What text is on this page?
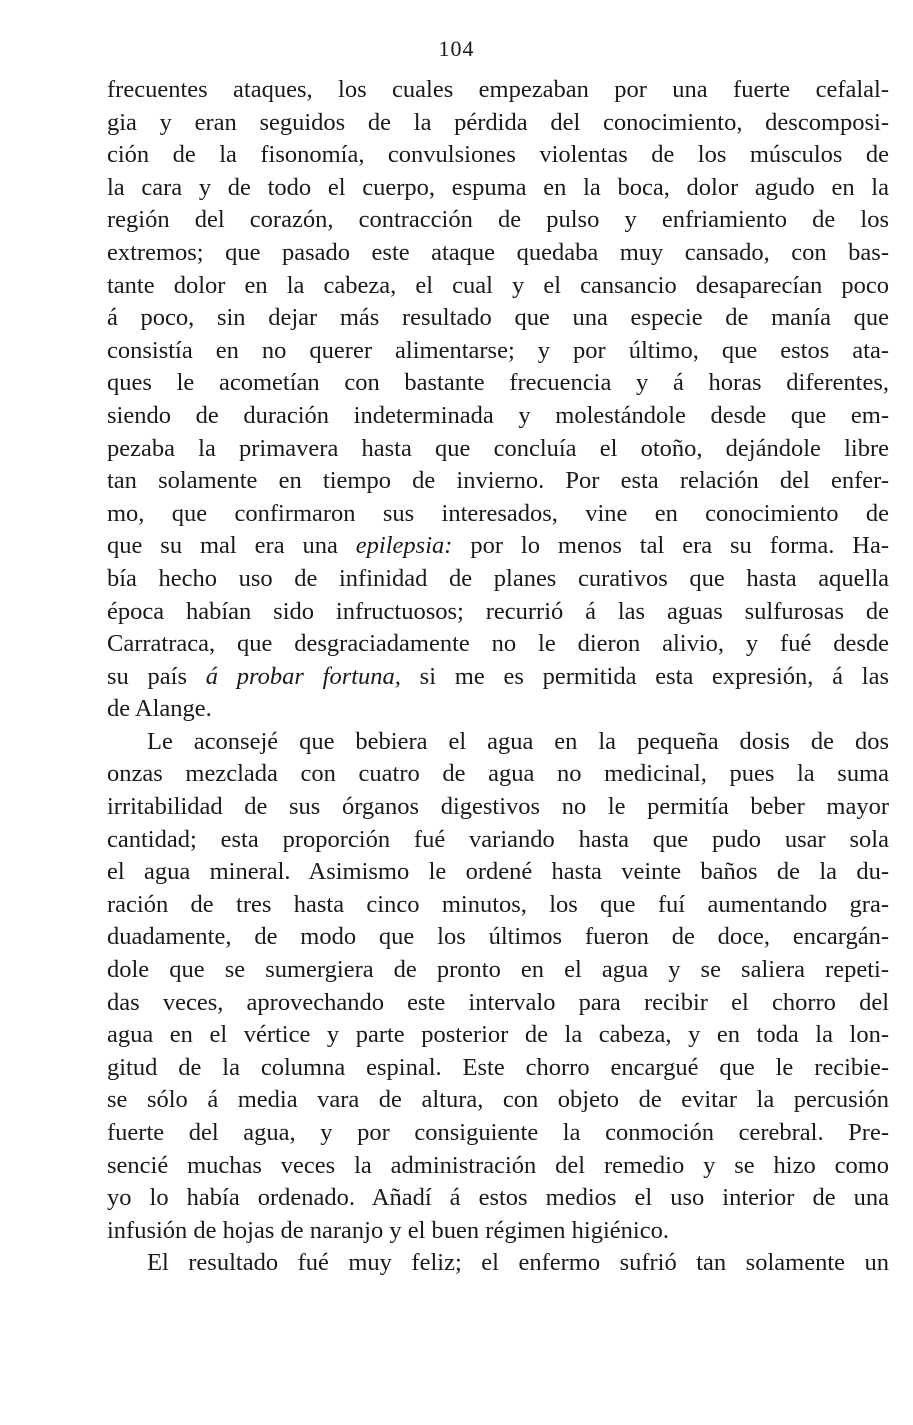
104
frecuentes ataques, los cuales empezaban por una fuerte cefalal-
gia y eran seguidos de la pérdida del conocimiento, descomposi-
ción de la fisonomía, convulsiones violentas de los músculos de
la cara y de todo el cuerpo, espuma en la boca, dolor agudo en la
región del corazón, contracción de pulso y enfriamiento de los
extremos; que pasado este ataque quedaba muy cansado, con bas-
tante dolor en la cabeza, el cual y el cansancio desaparecían poco
á poco, sin dejar más resultado que una especie de manía que
consistía en no querer alimentarse; y por último, que estos ata-
ques le acometían con bastante frecuencia y á horas diferentes,
siendo de duración indeterminada y molestándole desde que em-
pezaba la primavera hasta que concluía el otoño, dejándole libre
tan solamente en tiempo de invierno. Por esta relación del enfer-
mo, que confirmaron sus interesados, vine en conocimiento de
que su mal era una epilepsia: por lo menos tal era su forma. Ha-
bía hecho uso de infinidad de planes curativos que hasta aquella
época habían sido infructuosos; recurrió á las aguas sulfurosas de
Carratraca, que desgraciadamente no le dieron alivio, y fué desde
su país á probar fortuna, si me es permitida esta expresión, á las
de Alange.
Le aconsejé que bebiera el agua en la pequeña dosis de dos
onzas mezclada con cuatro de agua no medicinal, pues la suma
irritabilidad de sus órganos digestivos no le permitía beber mayor
cantidad; esta proporción fué variando hasta que pudo usar sola
el agua mineral. Asimismo le ordené hasta veinte baños de la du-
ración de tres hasta cinco minutos, los que fuí aumentando gra-
duadamente, de modo que los últimos fueron de doce, encargán-
dole que se sumergiera de pronto en el agua y se saliera repeti-
das veces, aprovechando este intervalo para recibir el chorro del
agua en el vértice y parte posterior de la cabeza, y en toda la lon-
gitud de la columna espinal. Este chorro encargué que le recibie-
se sólo á media vara de altura, con objeto de evitar la percusión
fuerte del agua, y por consiguiente la conmoción cerebral. Pre-
sencié muchas veces la administración del remedio y se hizo como
yo lo había ordenado. Añadí á estos medios el uso interior de una
infusión de hojas de naranjo y el buen régimen higiénico.
El resultado fué muy feliz; el enfermo sufrió tan solamente un
